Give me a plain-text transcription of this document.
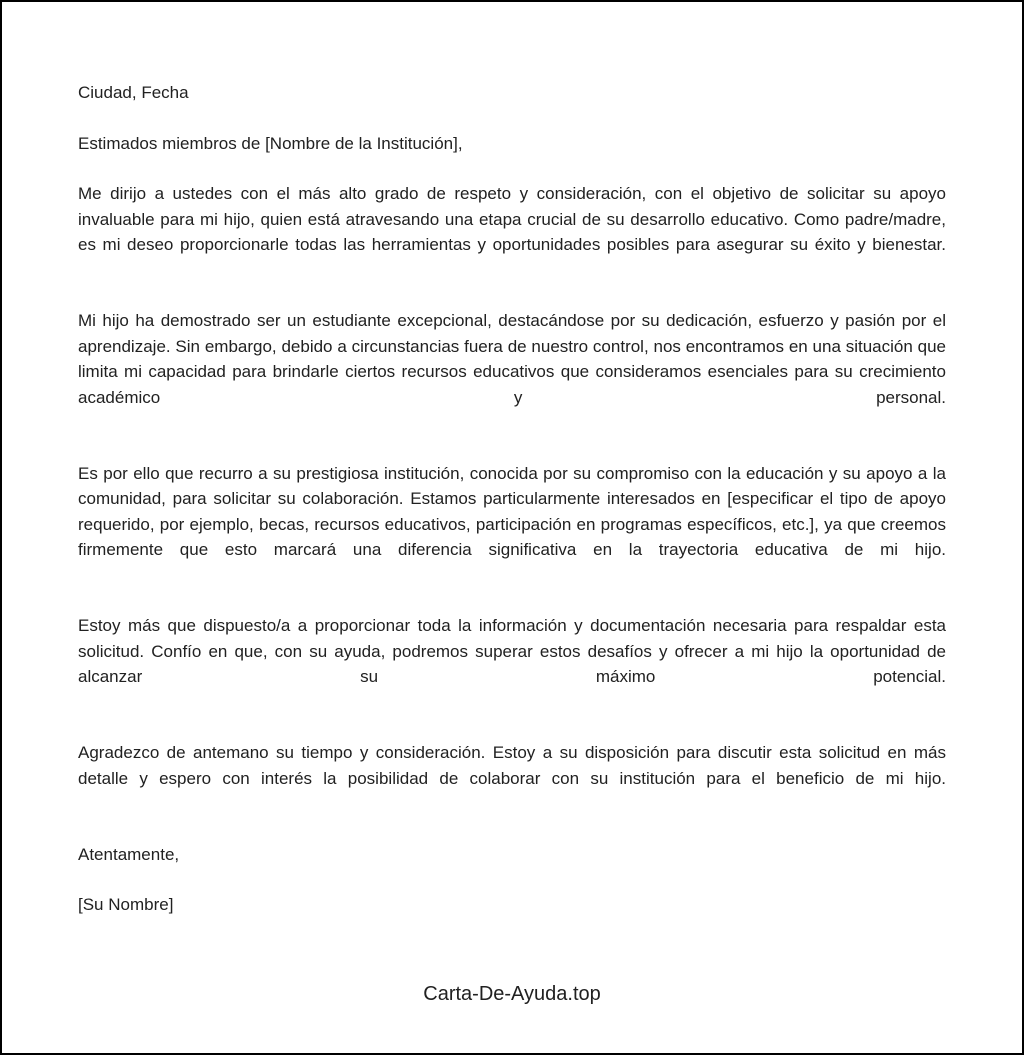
Ciudad, Fecha
Estimados miembros de [Nombre de la Institución],

Me dirijo a ustedes con el más alto grado de respeto y consideración, con el objetivo de solicitar su apoyo invaluable para mi hijo, quien está atravesando una etapa crucial de su desarrollo educativo. Como padre/madre, es mi deseo proporcionarle todas las herramientas y oportunidades posibles para asegurar su éxito y bienestar.

Mi hijo ha demostrado ser un estudiante excepcional, destacándose por su dedicación, esfuerzo y pasión por el aprendizaje. Sin embargo, debido a circunstancias fuera de nuestro control, nos encontramos en una situación que limita mi capacidad para brindarle ciertos recursos educativos que consideramos esenciales para su crecimiento académico y personal.

Es por ello que recurro a su prestigiosa institución, conocida por su compromiso con la educación y su apoyo a la comunidad, para solicitar su colaboración. Estamos particularmente interesados en [especificar el tipo de apoyo requerido, por ejemplo, becas, recursos educativos, participación en programas específicos, etc.], ya que creemos firmemente que esto marcará una diferencia significativa en la trayectoria educativa de mi hijo.

Estoy más que dispuesto/a a proporcionar toda la información y documentación necesaria para respaldar esta solicitud. Confío en que, con su ayuda, podremos superar estos desafíos y ofrecer a mi hijo la oportunidad de alcanzar su máximo potencial.

Agradezco de antemano su tiempo y consideración. Estoy a su disposición para discutir esta solicitud en más detalle y espero con interés la posibilidad de colaborar con su institución para el beneficio de mi hijo.

Atentamente,
[Su Nombre]
Carta-De-Ayuda.top
